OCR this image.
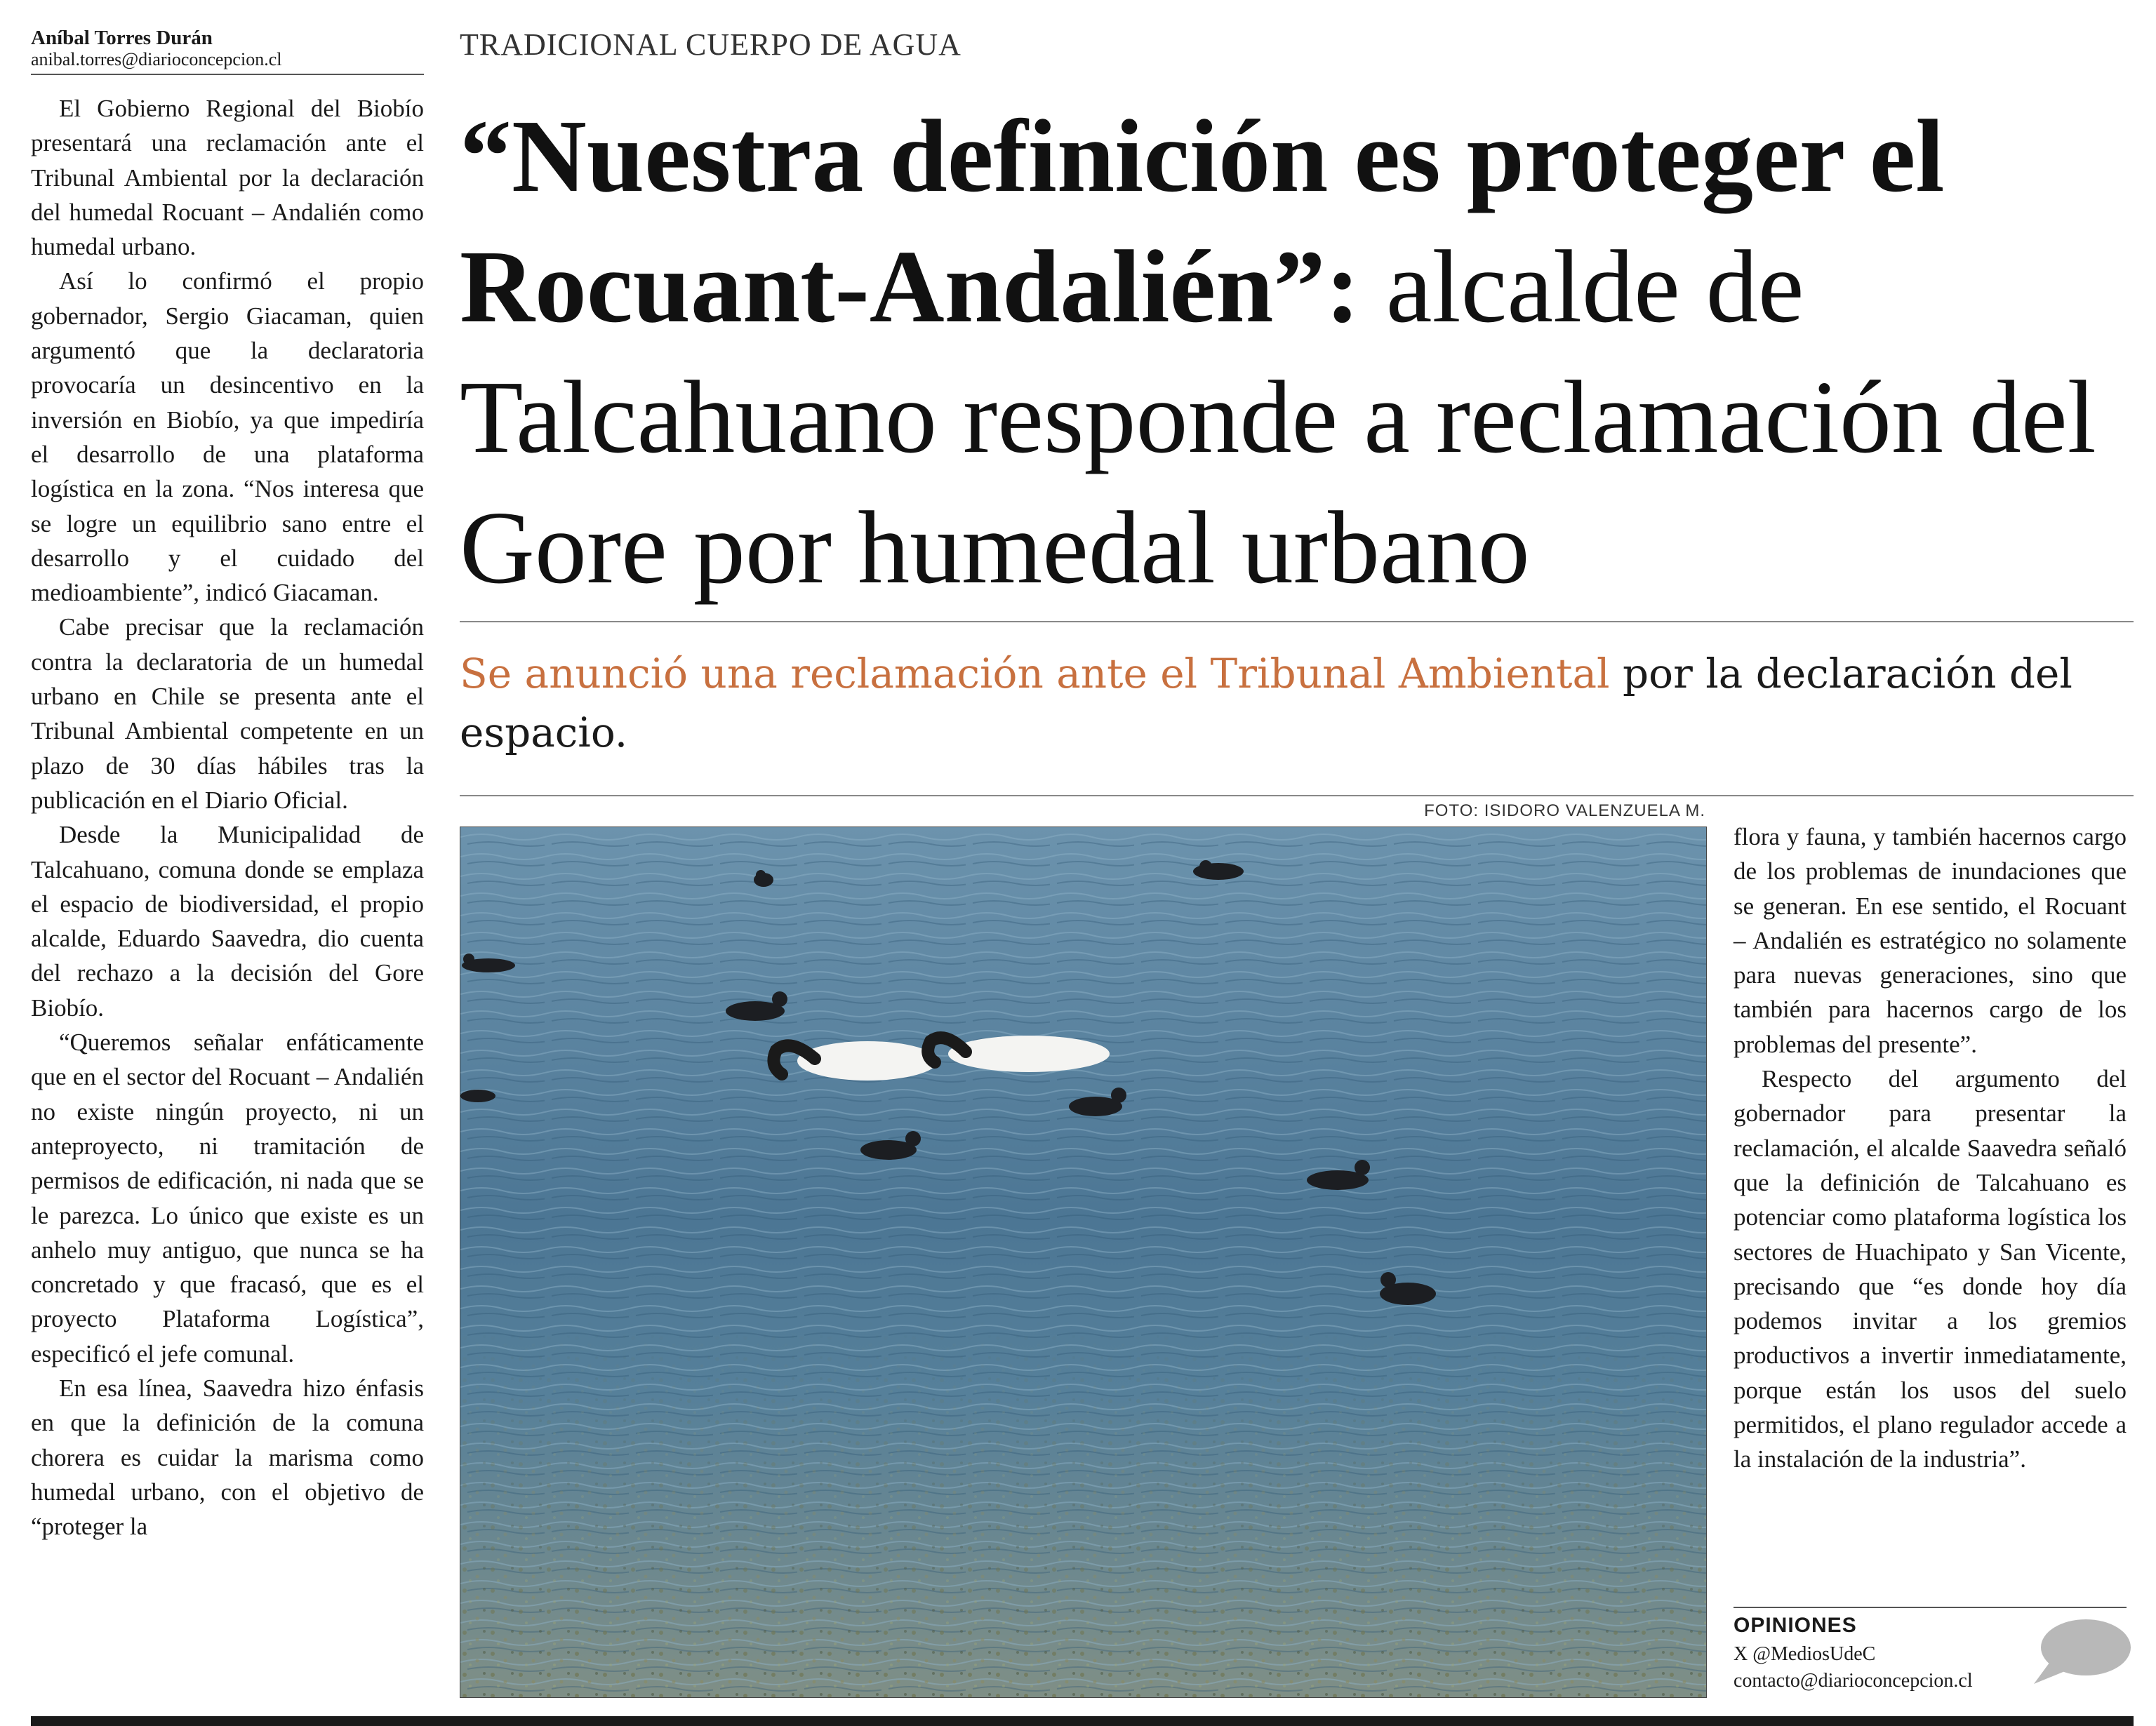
Aníbal Torres Durán
anibal.torres@diarioconcepcion.cl

El Gobierno Regional del Biobío presentará una reclamación ante el Tribunal Ambiental por la declaración del humedal Rocuant – Andalién como humedal urbano.

Así lo confirmó el propio gobernador, Sergio Giacaman, quien argumentó que la declaratoria provocaría un desincentivo en la inversión en Biobío, ya que impediría el desarrollo de una plataforma logística en la zona. “Nos interesa que se logre un equilibrio sano entre el desarrollo y el cuidado del medioambiente”, indicó Giacaman.

Cabe precisar que la reclamación contra la declaratoria de un humedal urbano en Chile se presenta ante el Tribunal Ambiental competente en un plazo de 30 días hábiles tras la publicación en el Diario Oficial.

Desde la Municipalidad de Talcahuano, comuna donde se emplaza el espacio de biodiversidad, el propio alcalde, Eduardo Saavedra, dio cuenta del rechazo a la decisión del Gore Biobío.

“Queremos señalar enfáticamente que en el sector del Rocuant – Andalién no existe ningún proyecto, ni un anteproyecto, ni tramitación de permisos de edificación, ni nada que se le parezca. Lo único que existe es un anhelo muy antiguo, que nunca se ha concretado y que fracasó, que es el proyecto Plataforma Logística”, especificó el jefe comunal.

En esa línea, Saavedra hizo énfasis en que la definición de la comuna chorera es cuidar la marisma como humedal urbano, con el objetivo de “proteger la

TRADICIONAL CUERPO DE AGUA
“Nuestra definición es proteger el Rocuant-Andalién”: alcalde de Talcahuano responde a reclamación del Gore por humedal urbano
Se anunció una reclamación ante el Tribunal Ambiental por la declaración del espacio.
FOTO: ISIDORO VALENZUELA M.

flora y fauna, y también hacernos cargo de los problemas de inundaciones que se generan. En ese sentido, el Rocuant – Andalién es estratégico no solamente para nuevas generaciones, sino que también para hacernos cargo de los problemas del presente”.

Respecto del argumento del gobernador para presentar la reclamación, el alcalde Saavedra señaló que la definición de Talcahuano es potenciar como plataforma logística los sectores de Huachipato y San Vicente, precisando que “es donde hoy día podemos invitar a los gremios productivos a invertir inmediatamente, porque están los usos del suelo permitidos, el plano regulador accede a la instalación de la industria”.

OPINIONES
X @MediosUdeC
contacto@diarioconcepcion.cl
